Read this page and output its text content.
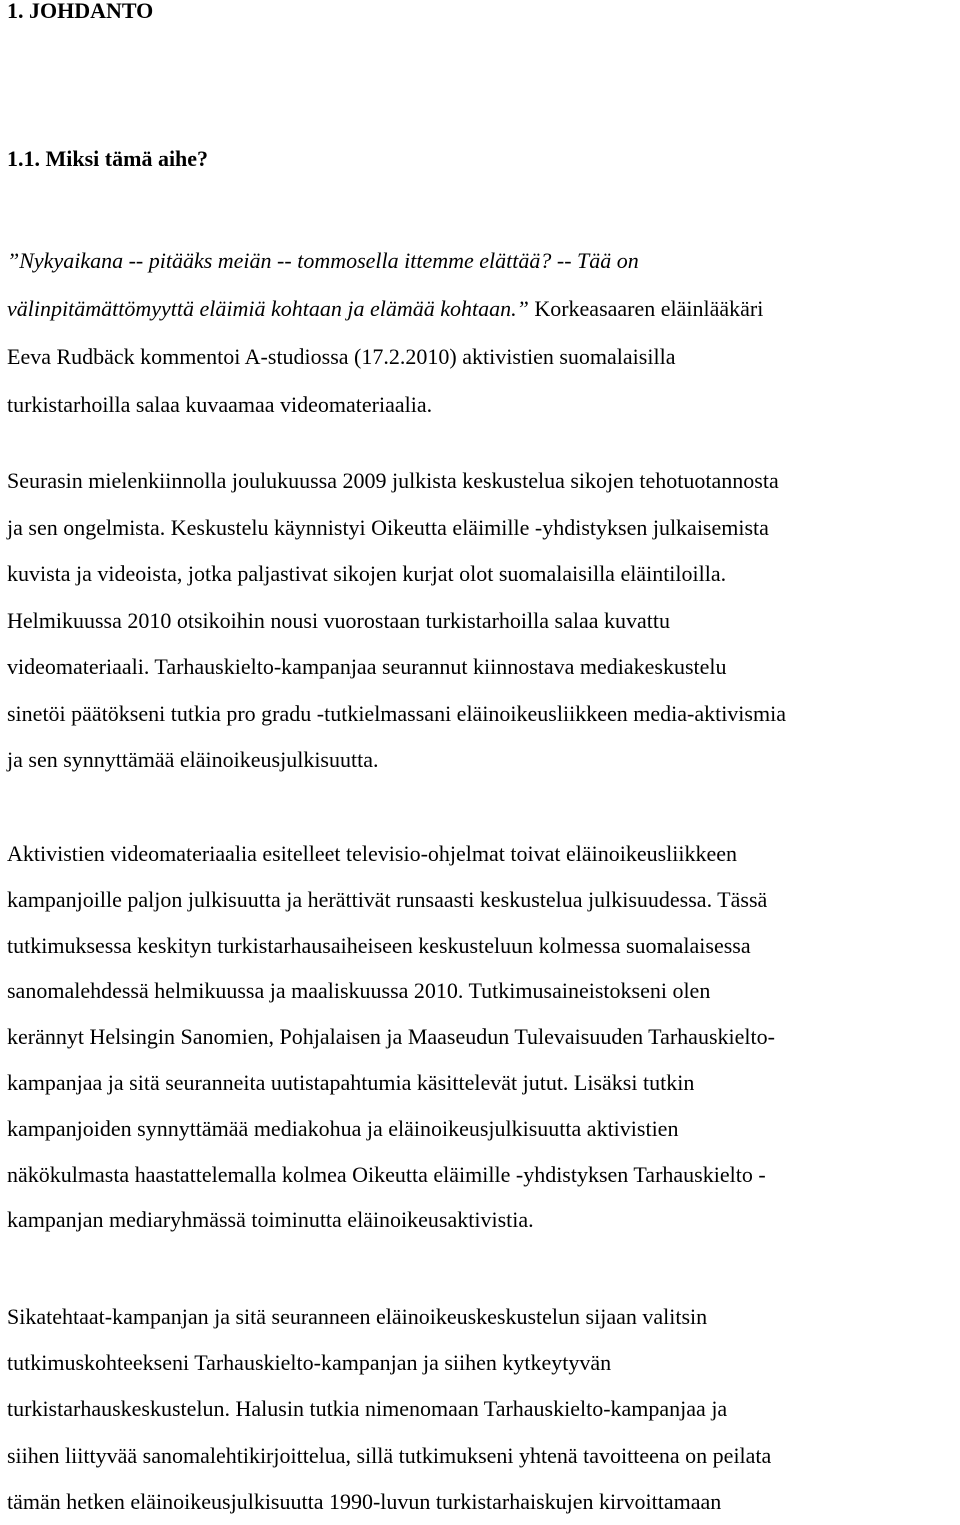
1. JOHDANTO
1.1. Miksi tämä aihe?

”Nykyaikana -- pitääks meiän -- tommosella ittemme elättää? -- Tää on
välinpitämättömyyttä eläimiä kohtaan ja elämää kohtaan.” Korkeasaaren eläinlääkäri
Eeva Rudbäck kommentoi A-studiossa (17.2.2010) aktivistien suomalaisilla
turkistarhoilla salaa kuvaamaa videomateriaalia.

Seurasin mielenkiinnolla joulukuussa 2009 julkista keskustelua sikojen tehotuotannosta
ja sen ongelmista. Keskustelu käynnistyi Oikeutta eläimille -yhdistyksen julkaisemista
kuvista ja videoista, jotka paljastivat sikojen kurjat olot suomalaisilla eläintiloilla.
Helmikuussa 2010 otsikoihin nousi vuorostaan turkistarhoilla salaa kuvattu
videomateriaali. Tarhauskielto-kampanjaa seurannut kiinnostava mediakeskustelu
sinetöi päätökseni tutkia pro gradu -tutkielmassani eläinoikeusliikkeen media-aktivismia
ja sen synnyttämää eläinoikeusjulkisuutta.

Aktivistien videomateriaalia esitelleet televisio-ohjelmat toivat eläinoikeusliikkeen
kampanjoille paljon julkisuutta ja herättivät runsaasti keskustelua julkisuudessa. Tässä
tutkimuksessa keskityn turkistarhausaiheiseen keskusteluun kolmessa suomalaisessa
sanomalehdessä helmikuussa ja maaliskuussa 2010. Tutkimusaineistokseni olen
kerännyt Helsingin Sanomien, Pohjalaisen ja Maaseudun Tulevaisuuden Tarhauskielto-
kampanjaa ja sitä seuranneita uutistapahtumia käsittelevät jutut. Lisäksi tutkin
kampanjoiden synnyttämää mediakohua ja eläinoikeusjulkisuutta aktivistien
näkökulmasta haastattelemalla kolmea Oikeutta eläimille -yhdistyksen Tarhauskielto -
kampanjan mediaryhmässä toiminutta eläinoikeusaktivistia.

Sikatehtaat-kampanjan ja sitä seuranneen eläinoikeuskeskustelun sijaan valitsin
tutkimuskohteekseni Tarhauskielto-kampanjan ja siihen kytkeytyvän
turkistarhauskeskustelun. Halusin tutkia nimenomaan Tarhauskielto-kampanjaa ja
siihen liittyvää sanomalehtikirjoittelua, sillä tutkimukseni yhtenä tavoitteena on peilata
tämän hetken eläinoikeusjulkisuutta 1990-luvun turkistarhaiskujen kirvoittamaan
